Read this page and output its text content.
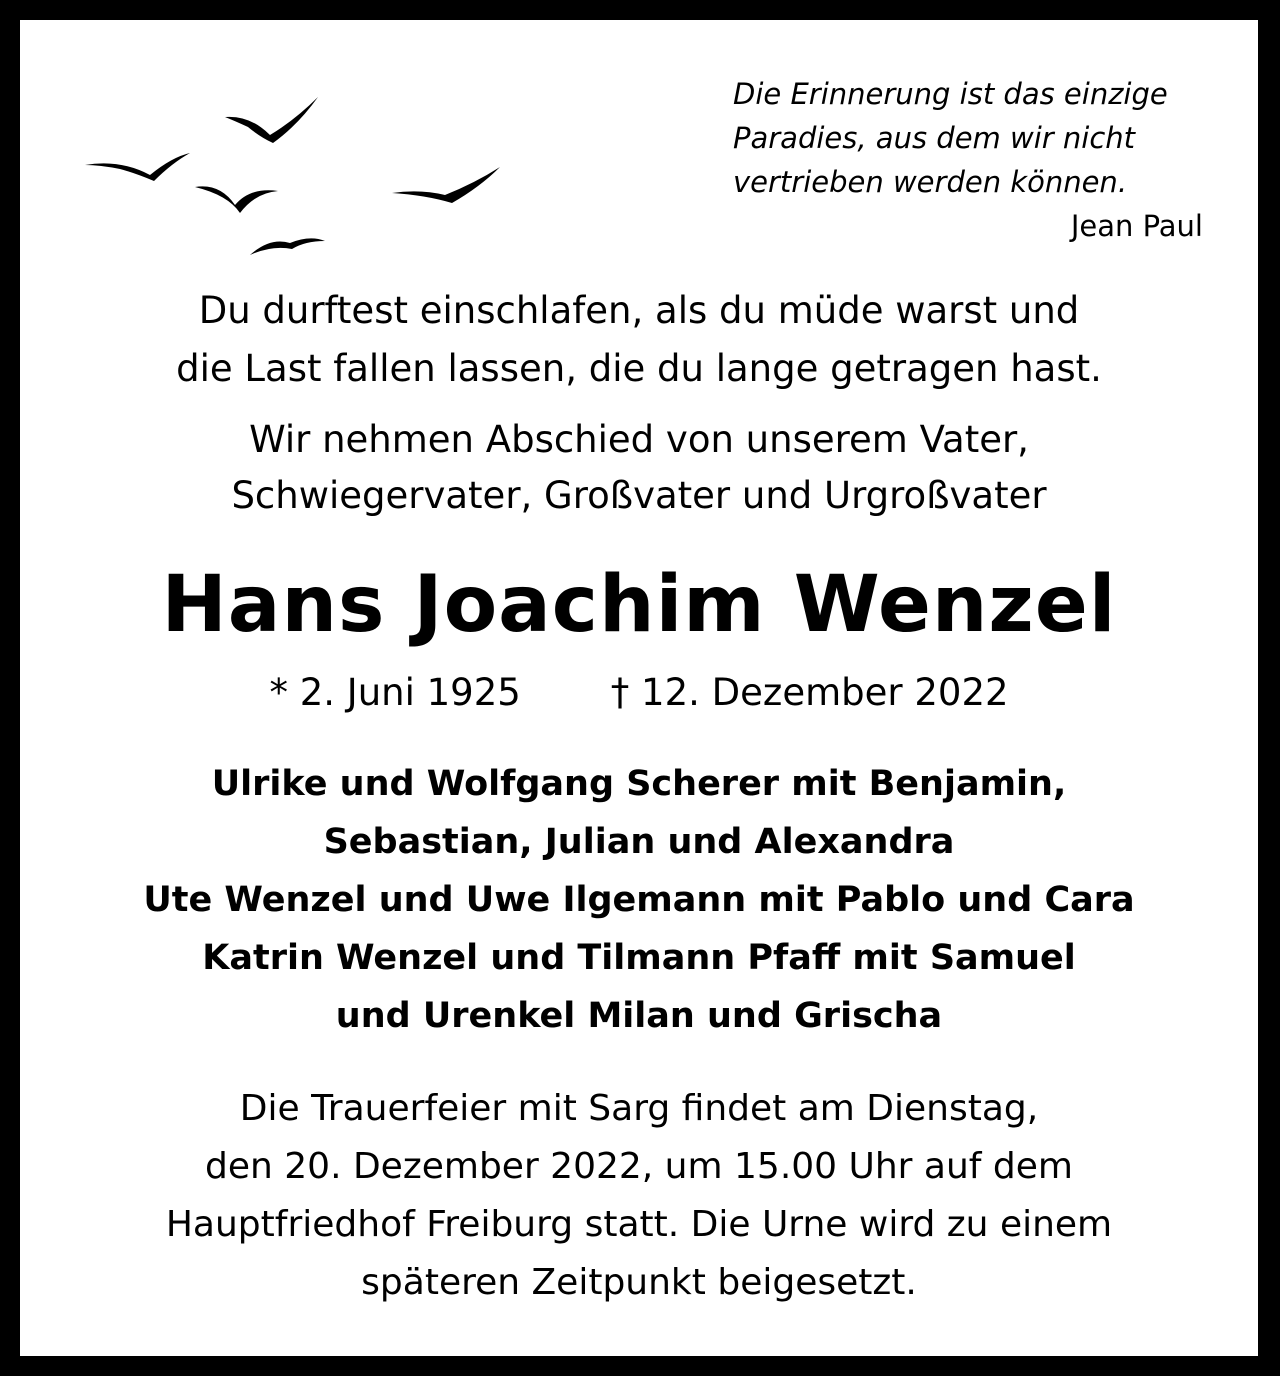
Die Erinnerung ist das einzige
Paradies, aus dem wir nicht
vertrieben werden können.
Jean Paul
Du durftest einschlafen, als du müde warst und
die Last fallen lassen, die du lange getragen hast.
Wir nehmen Abschied von unserem Vater,
Schwiegervater, Großvater und Urgroßvater
Hans Joachim Wenzel
* 2. Juni 1925 † 12. Dezember 2022
Ulrike und Wolfgang Scherer mit Benjamin,
Sebastian, Julian und Alexandra
Ute Wenzel und Uwe Ilgemann mit Pablo und Cara
Katrin Wenzel und Tilmann Pfaff mit Samuel
und Urenkel Milan und Grischa
Die Trauerfeier mit Sarg findet am Dienstag,
den 20. Dezember 2022, um 15.00 Uhr auf dem
Hauptfriedhof Freiburg statt. Die Urne wird zu einem
späteren Zeitpunkt beigesetzt.
